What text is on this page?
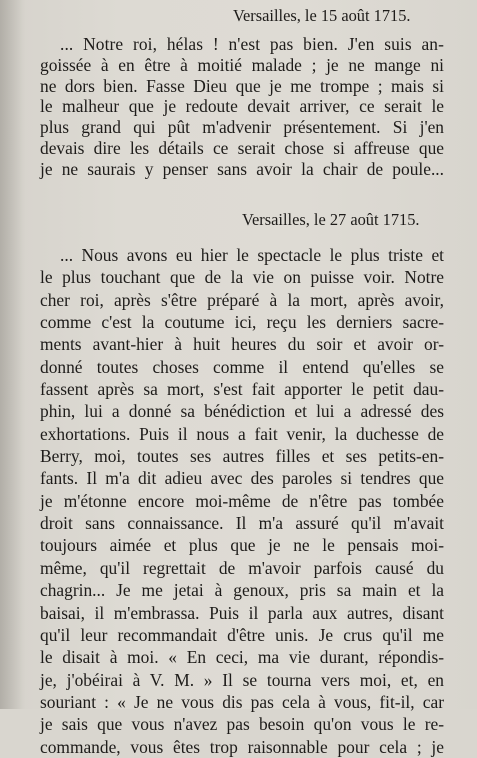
Versailles, le 15 août 1715.
... Notre roi, hélas ! n'est pas bien. J'en suis an-
goissée à en être à moitié malade ; je ne mange ni
ne dors bien. Fasse Dieu que je me trompe ; mais si
le malheur que je redoute devait arriver, ce serait le
plus grand qui pût m'advenir présentement. Si j'en
devais dire les détails ce serait chose si affreuse que
je ne saurais y penser sans avoir la chair de poule...
Versailles, le 27 août 1715.
... Nous avons eu hier le spectacle le plus triste et
le plus touchant que de la vie on puisse voir. Notre
cher roi, après s'être préparé à la mort, après avoir,
comme c'est la coutume ici, reçu les derniers sacre-
ments avant-hier à huit heures du soir et avoir or-
donné toutes choses comme il entend qu'elles se
fassent après sa mort, s'est fait apporter le petit dau-
phin, lui a donné sa bénédiction et lui a adressé des
exhortations. Puis il nous a fait venir, la duchesse de
Berry, moi, toutes ses autres filles et ses petits-en-
fants. Il m'a dit adieu avec des paroles si tendres que
je m'étonne encore moi-même de n'être pas tombée
droit sans connaissance. Il m'a assuré qu'il m'avait
toujours aimée et plus que je ne le pensais moi-
même, qu'il regrettait de m'avoir parfois causé du
chagrin... Je me jetai à genoux, pris sa main et la
baisai, il m'embrassa. Puis il parla aux autres, disant
qu'il leur recommandait d'être unis. Je crus qu'il me
le disait à moi. « En ceci, ma vie durant, répondis-
je, j'obéirai à V. M. » Il se tourna vers moi, et, en
souriant : « Je ne vous dis pas cela à vous, fit-il, car
je sais que vous n'avez pas besoin qu'on vous le re-
commande, vous êtes trop raisonnable pour cela ; je
